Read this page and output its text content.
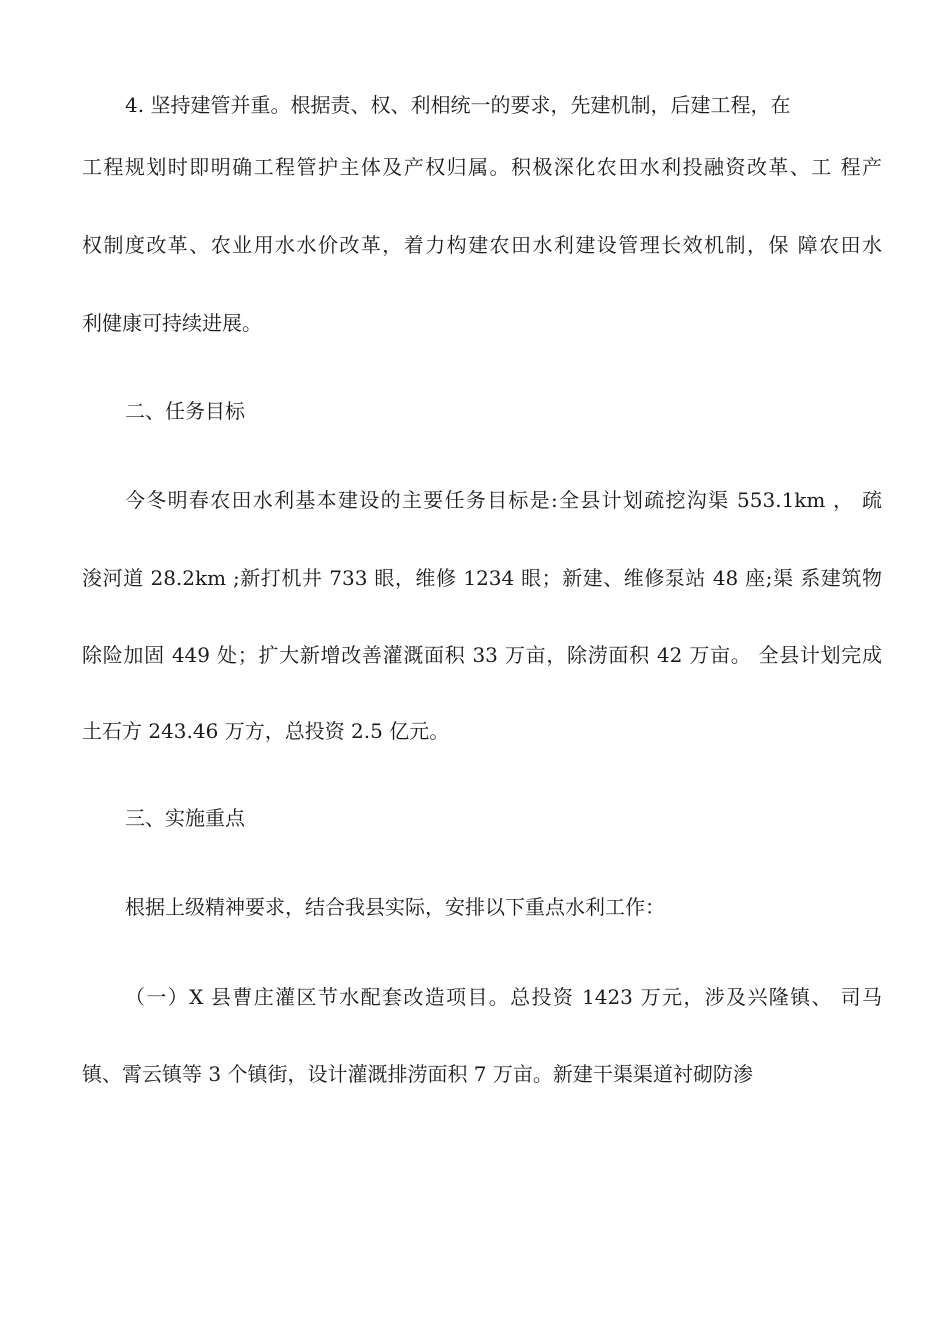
4. 坚持建管并重。根据责、权、利相统一的要求，先建机制，后建工程，在
工程规划时即明确工程管护主体及产权归属。积极深化农田水利投融资改革、工 程产
权制度改革、农业用水水价改革，着力构建农田水利建设管理长效机制，保 障农田水
利健康可持续进展。
二、任务目标
今冬明春农田水利基本建设的主要任务目标是:全县计划疏挖沟渠 553.1km ， 疏
浚河道 28.2km ;新打机井 733 眼，维修 1234 眼；新建、维修泵站 48 座;渠 系建筑物
除险加固 449 处；扩大新增改善灌溉面积 33 万亩，除涝面积 42 万亩。 全县计划完成
土石方 243.46 万方，总投资 2.5 亿元。
三、实施重点
根据上级精神要求，结合我县实际，安排以下重点水利工作：
（一）X 县曹庄灌区节水配套改造项目。总投资 1423 万元，涉及兴隆镇、 司马
镇、霄云镇等 3 个镇街，设计灌溉排涝面积 7 万亩。新建干渠渠道衬砌防渗
